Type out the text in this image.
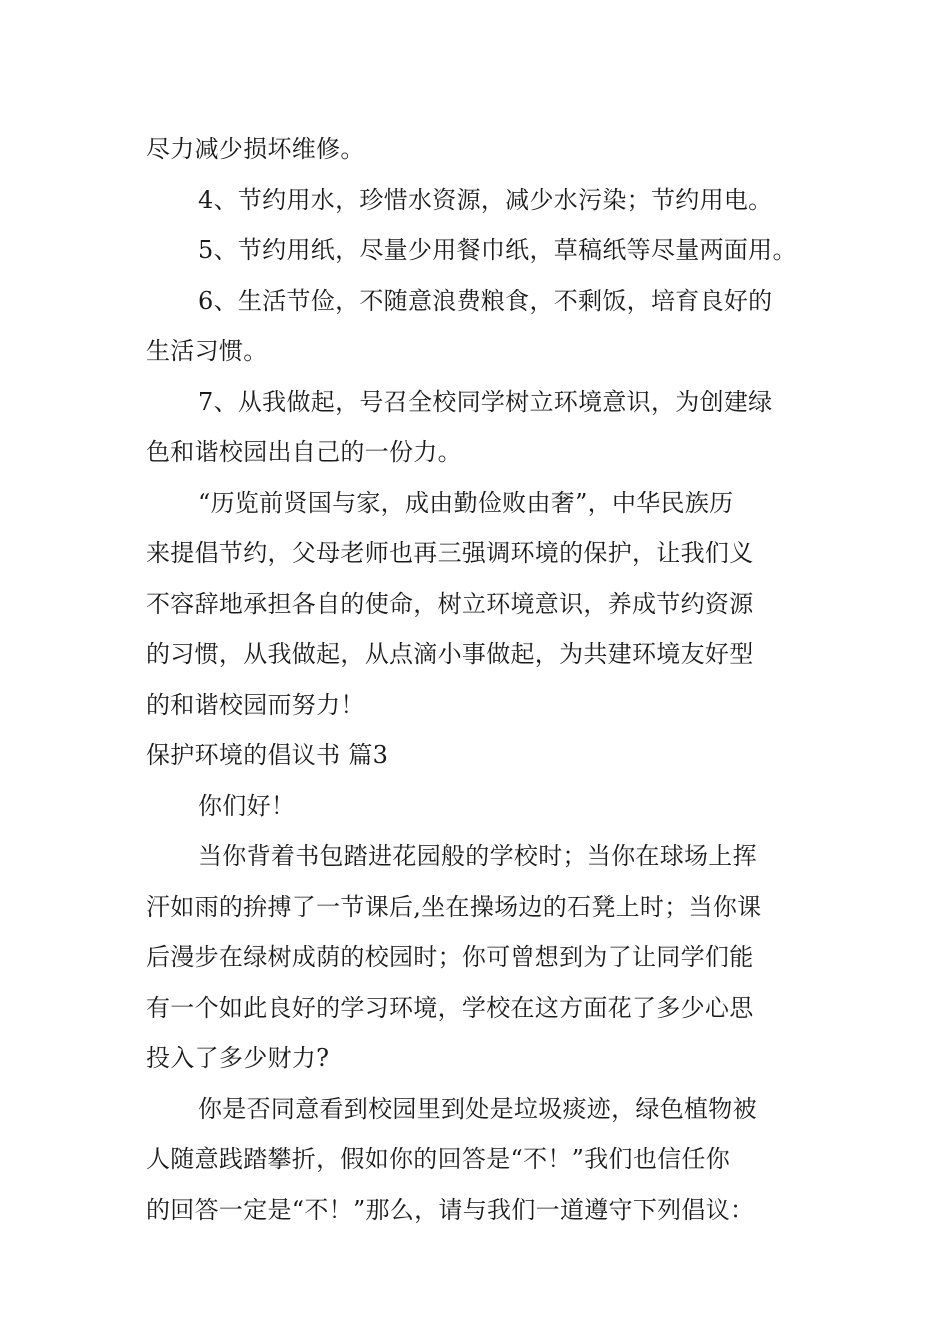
尽力减少损坏维修。
4、节约用水，珍惜水资源，减少水污染；节约用电。
5、节约用纸，尽量少用餐巾纸，草稿纸等尽量两面用。
6、生活节俭，不随意浪费粮食，不剩饭，培育良好的
生活习惯。
7、从我做起，号召全校同学树立环境意识，为创建绿
色和谐校园出自己的一份力。
“历览前贤国与家，成由勤俭败由奢”，中华民族历
来提倡节约，父母老师也再三强调环境的保护，让我们义
不容辞地承担各自的使命，树立环境意识，养成节约资源
的习惯，从我做起，从点滴小事做起，为共建环境友好型
的和谐校园而努力！
保护环境的倡议书 篇3
你们好！
当你背着书包踏进花园般的学校时；当你在球场上挥
汗如雨的拚搏了一节课后,坐在操场边的石凳上时；当你课
后漫步在绿树成荫的校园时；你可曾想到为了让同学们能
有一个如此良好的学习环境，学校在这方面花了多少心思
投入了多少财力?
你是否同意看到校园里到处是垃圾痰迹，绿色植物被
人随意践踏攀折，假如你的回答是“不！”我们也信任你
的回答一定是“不！”那么，请与我们一道遵守下列倡议：
